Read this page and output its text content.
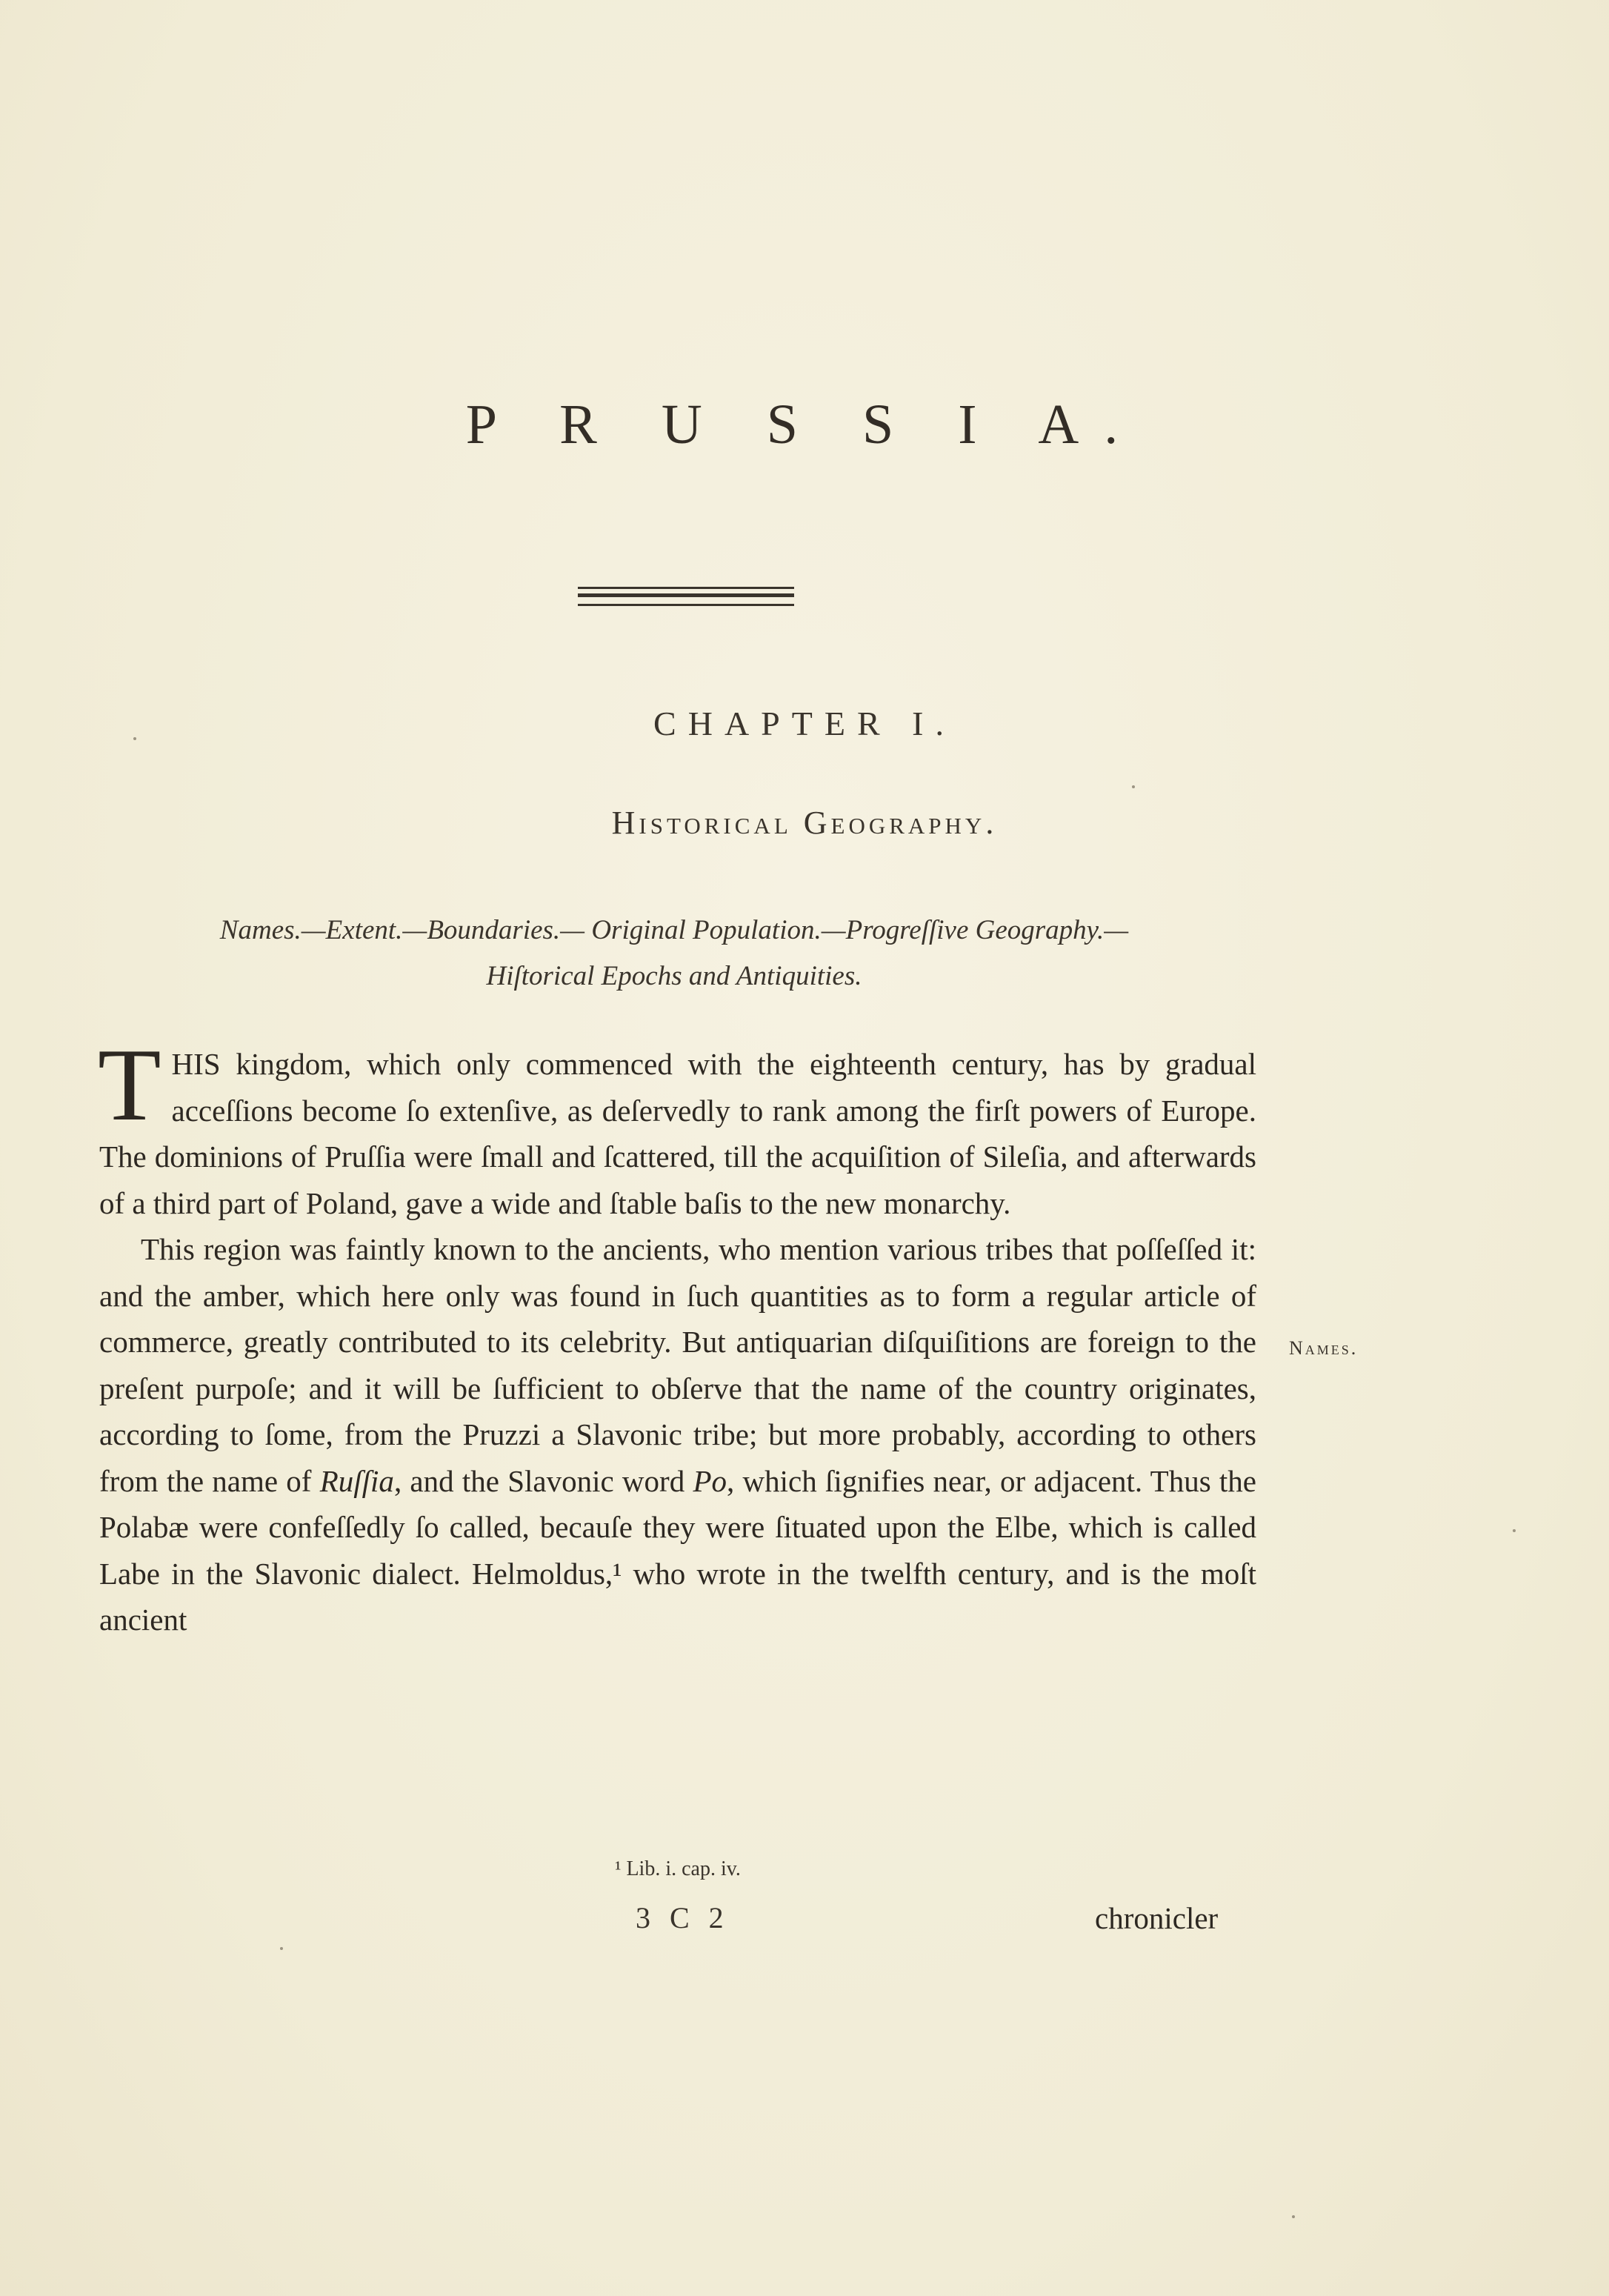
P R U S S I A.
CHAPTER I.
Historical Geography.
Names.—Extent.—Boundaries.— Original Population.—Progreſſive Geography.—
Hiſtorical Epochs and Antiquities.

THIS kingdom, which only commenced with the eighteenth century, has by gradual acceſſions become ſo extenſive, as deſervedly to rank among the firſt powers of Europe. The dominions of Pruſſia were ſmall and ſcattered, till the acquiſition of Sileſia, and afterwards of a third part of Poland, gave a wide and ſtable baſis to the new monarchy.

This region was faintly known to the ancients, who mention various tribes that poſſeſſed it: and the amber, which here only was found in ſuch quantities as to form a regular article of commerce, greatly contributed to its celebrity. But antiquarian diſquiſitions are foreign to the preſent purpoſe; and it will be ſufficient to obſerve that the name of the country originates, according to ſome, from the Pruzzi a Slavonic tribe; but more probably, according to others from the name of Ruſſia, and the Slavonic word Po, which ſignifies near, or adjacent. Thus the Polabæ were confeſſedly ſo called, becauſe they were ſituated upon the Elbe, which is called Labe in the Slavonic dialect. Helmoldus,¹ who wrote in the twelfth century, and is the moſt ancient

Names.
¹ Lib. i. cap. iv.
3 C 2	chronicler
